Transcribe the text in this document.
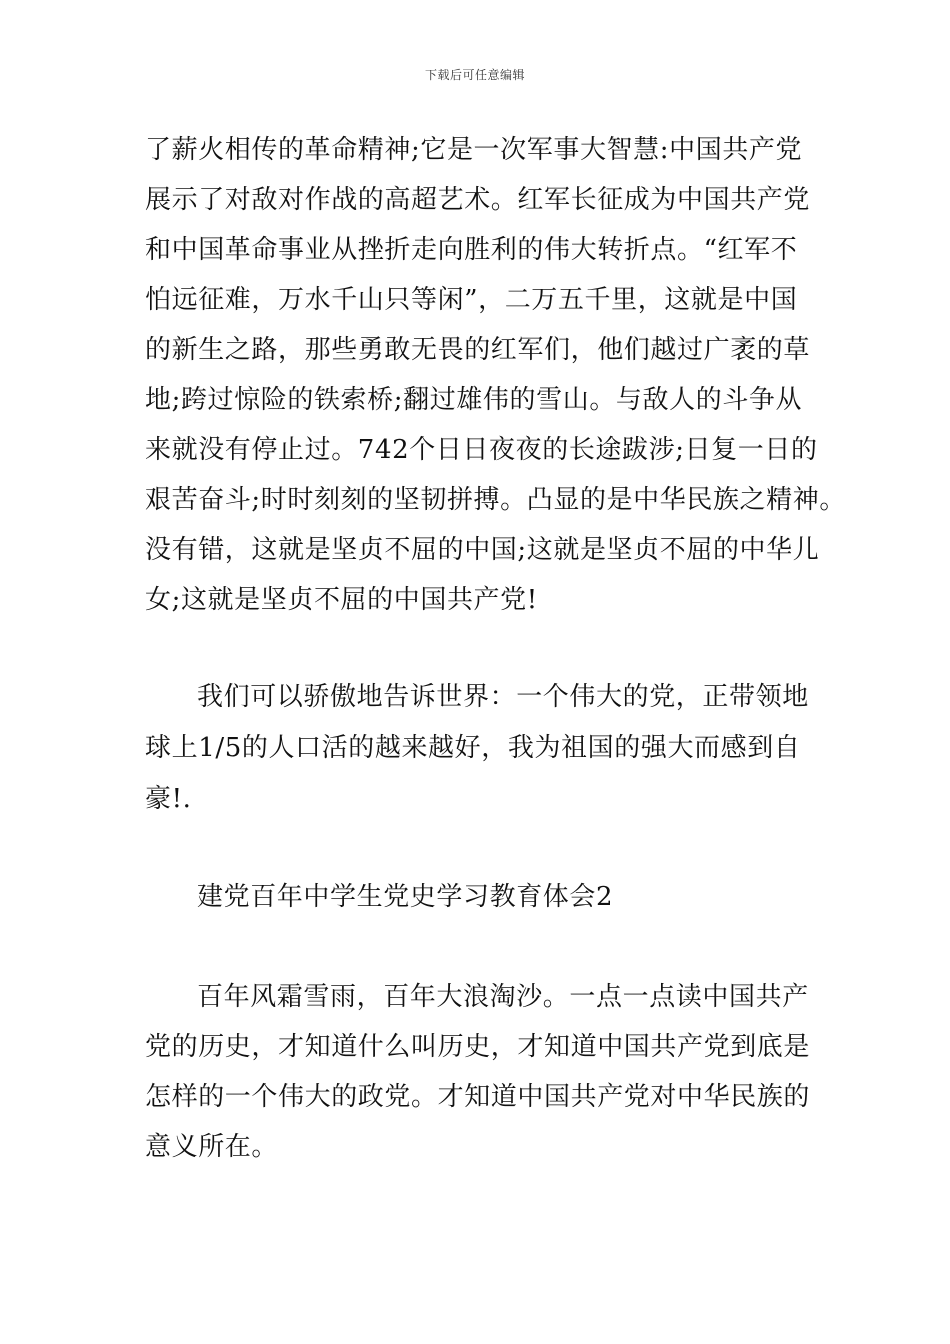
下载后可任意编辑
了薪火相传的革命精神;它是一次军事大智慧:中国共产党
展示了对敌对作战的高超艺术。红军长征成为中国共产党
和中国革命事业从挫折走向胜利的伟大转折点。“红军不
怕远征难，万水千山只等闲”，二万五千里，这就是中国
的新生之路，那些勇敢无畏的红军们，他们越过广袤的草
地;跨过惊险的铁索桥;翻过雄伟的雪山。与敌人的斗争从
来就没有停止过。742个日日夜夜的长途跋涉;日复一日的
艰苦奋斗;时时刻刻的坚韧拼搏。凸显的是中华民族之精神。
没有错，这就是坚贞不屈的中国;这就是坚贞不屈的中华儿
女;这就是坚贞不屈的中国共产党!
我们可以骄傲地告诉世界：一个伟大的党，正带领地
球上1/5的人口活的越来越好，我为祖国的强大而感到自
豪!.
建党百年中学生党史学习教育体会2
百年风霜雪雨，百年大浪淘沙。一点一点读中国共产
党的历史，才知道什么叫历史，才知道中国共产党到底是
怎样的一个伟大的政党。才知道中国共产党对中华民族的
意义所在。
